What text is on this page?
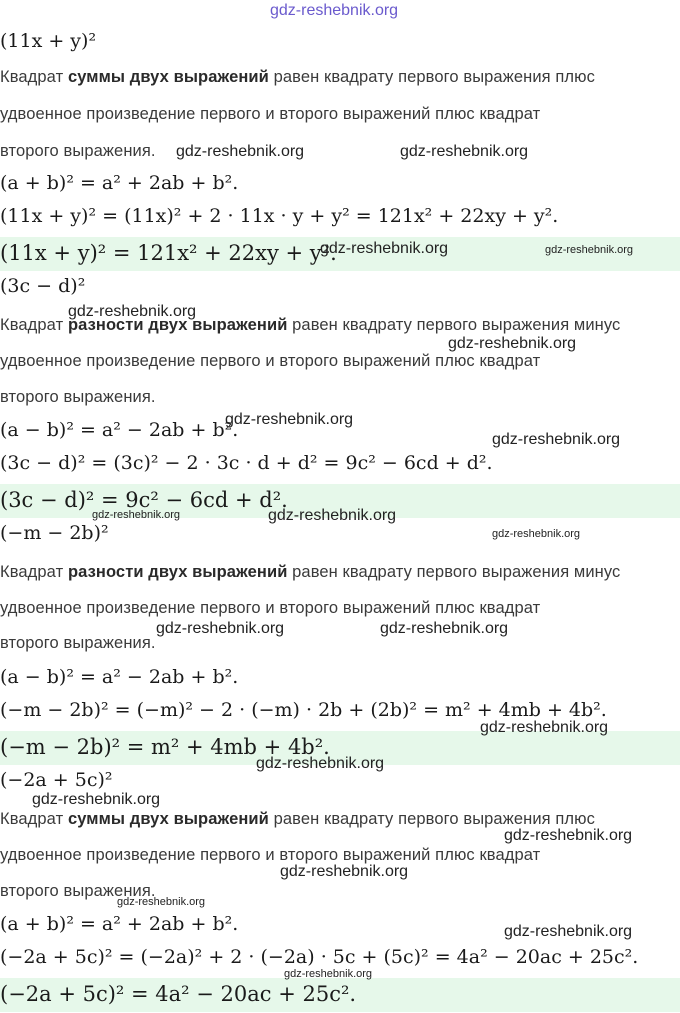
gdz-reshebnik.org
(11x + y)²
Квадрат суммы двух выражений равен квадрату первого выражения плюс
удвоенное произведение первого и второго выражений плюс квадрат
второго выражения.
(a + b)² = a² + 2ab + b².
(11x + y)² = (11x)² + 2 · 11x · y + y² = 121x² + 22xy + y².
(11x + y)² = 121x² + 22xy + y².
(3c − d)²
Квадрат разности двух выражений равен квадрату первого выражения минус
удвоенное произведение первого и второго выражений плюс квадрат
второго выражения.
(a − b)² = a² − 2ab + b².
(3c − d)² = (3c)² − 2 · 3c · d + d² = 9c² − 6cd + d².
(3c − d)² = 9c² − 6cd + d².
(−m − 2b)²
Квадрат разности двух выражений равен квадрату первого выражения минус
удвоенное произведение первого и второго выражений плюс квадрат
второго выражения.
(a − b)² = a² − 2ab + b².
(−m − 2b)² = (−m)² − 2 · (−m) · 2b + (2b)² = m² + 4mb + 4b².
(−m − 2b)² = m² + 4mb + 4b².
(−2a + 5c)²
Квадрат суммы двух выражений равен квадрату первого выражения плюс
удвоенное произведение первого и второго выражений плюс квадрат
второго выражения.
(a + b)² = a² + 2ab + b².
(−2a + 5c)² = (−2a)² + 2 · (−2a) · 5c + (5c)² = 4a² − 20ac + 25c².
(−2a + 5c)² = 4a² − 20ac + 25c².
gdz-reshebnik.org	gdz-reshebnik.org
gdz-reshebnik.org	gdz-reshebnik.org
gdz-reshebnik.org
gdz-reshebnik.org
gdz-reshebnik.org
gdz-reshebnik.org
gdz-reshebnik.org	gdz-reshebnik.org
gdz-reshebnik.org
gdz-reshebnik.org	gdz-reshebnik.org
gdz-reshebnik.org
gdz-reshebnik.org
gdz-reshebnik.org
gdz-reshebnik.org
gdz-reshebnik.org
gdz-reshebnik.org
gdz-reshebnik.org
gdz-reshebnik.org
